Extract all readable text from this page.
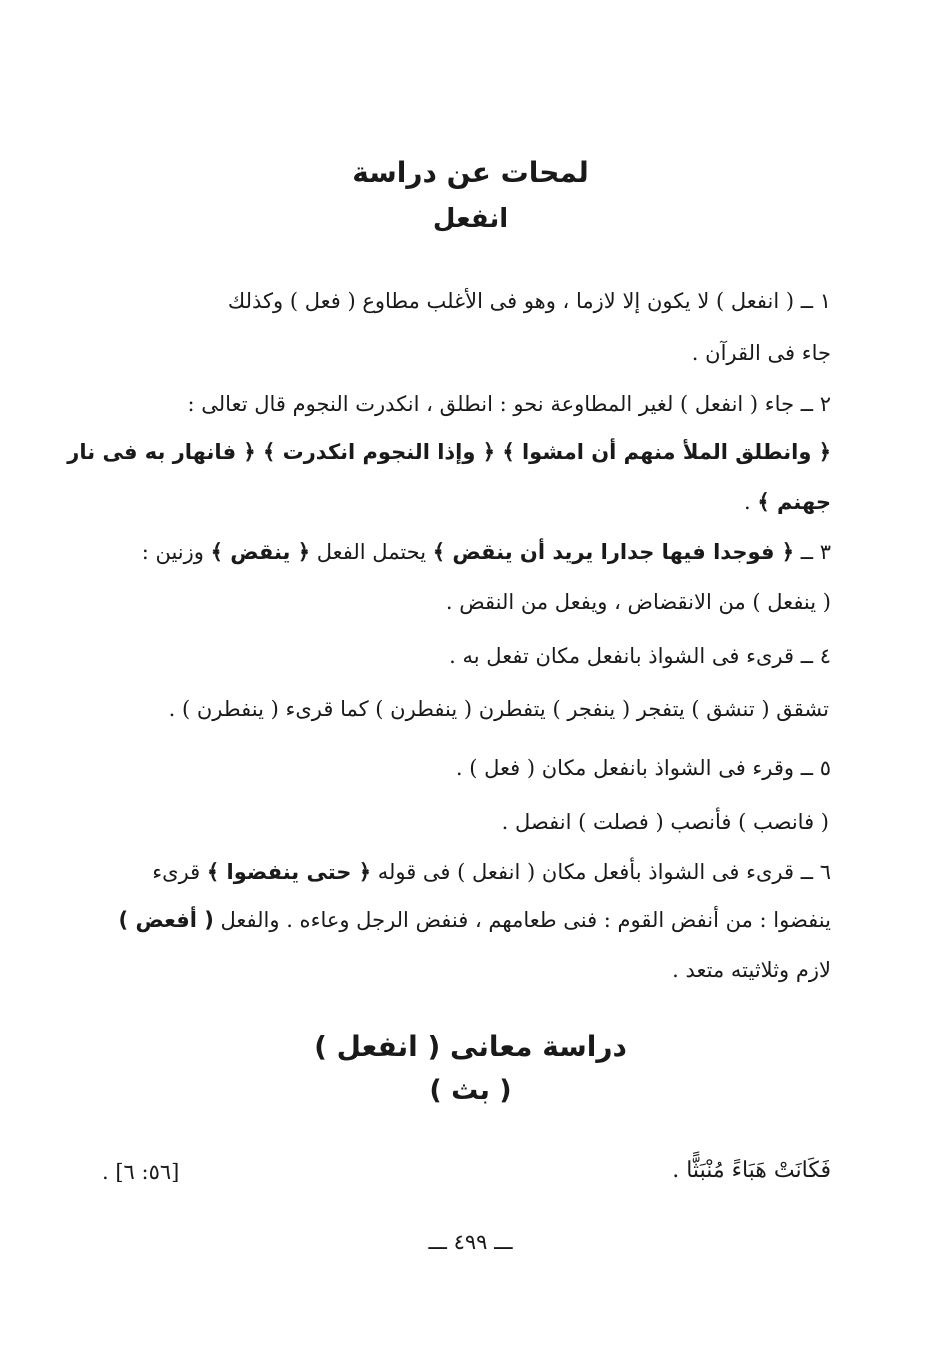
لمحات عن دراسة
انفعل
١ ــ ( انفعل ) لا يكون إلا لازما ، وهو فى الأغلب مطاوع ( فعل ) وكذلك
جاء فى القرآن .
٢ ــ جاء ( انفعل ) لغير المطاوعة نحو : انطلق ، انكدرت النجوم قال تعالى :
﴿ وانطلق الملأ منهم أن امشوا ﴾ ﴿ وإذا النجوم انكدرت ﴾ ﴿ فانهار به فى نار
جهنم ﴾ .
٣ ــ ﴿ فوجدا فيها جدارا يريد أن ينقض ﴾ يحتمل الفعل ﴿ ينقض ﴾ وزنين :
( ينفعل ) من الانقضاض ، ويفعل من النقض .
٤ ــ قرىء فى الشواذ بانفعل مكان تفعل به .
تشقق ( تنشق ) يتفجر ( ينفجر ) يتفطرن ( ينفطرن ) كما قرىء ( ينفطرن ) .
٥ ــ وقرء فى الشواذ بانفعل مكان ( فعل ) .
( فانصب ) فأنصب ( فصلت ) انفصل .
٦ ــ قرىء فى الشواذ بأفعل مكان ( انفعل ) فى قوله ﴿ حتى ينفضوا ﴾ قرىء
ينفضوا : من أنفض القوم : فنى طعامهم ، فنفض الرجل وعاءه . والفعل ( أفعض )
لازم وثلاثيته متعد .
دراسة معانى ( انفعل )
( بث )
فَكَانَتْ هَبَاءً مُنْبَثًّا .
[٥٦: ٦] .
ـــ ٤٩٩ ـــ
